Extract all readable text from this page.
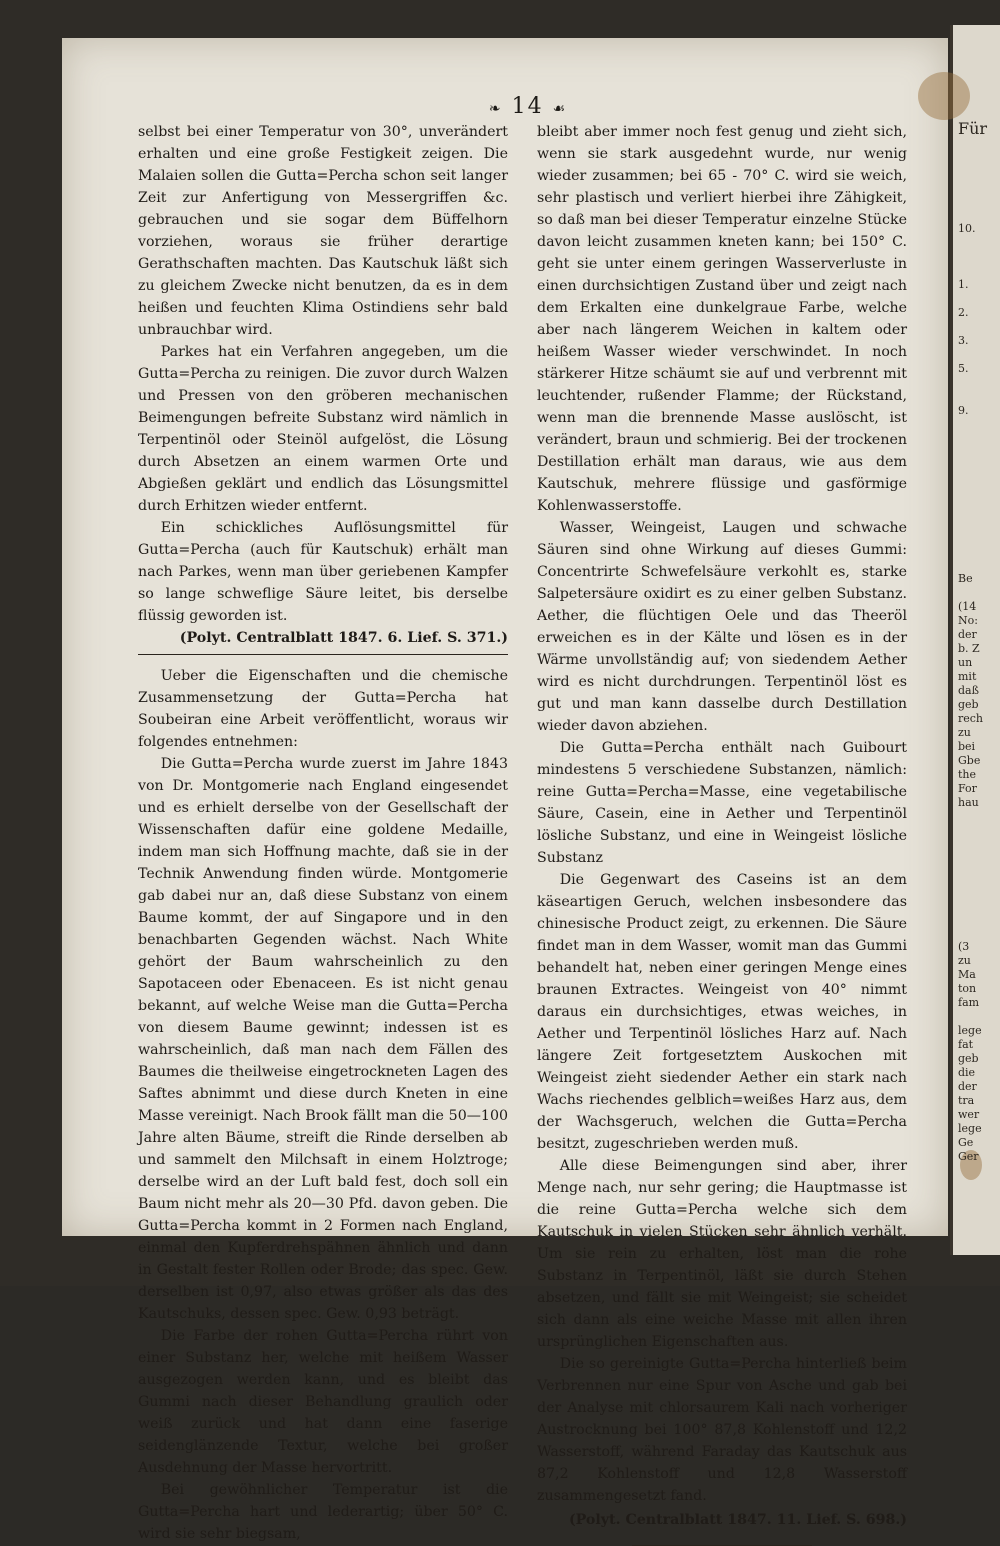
❧ 14 ☙

selbst bei einer Temperatur von 30°, unverändert erhalten und eine große Festigkeit zeigen. Die Malaien sollen die Gutta=Percha schon seit langer Zeit zur Anfertigung von Messergriffen &c. gebrauchen und sie sogar dem Büffelhorn vorziehen, woraus sie früher derartige Gerathschaften machten. Das Kautschuk läßt sich zu gleichem Zwecke nicht benutzen, da es in dem heißen und feuchten Klima Ostindiens sehr bald unbrauchbar wird.

Parkes hat ein Verfahren angegeben, um die Gutta=Percha zu reinigen. Die zuvor durch Walzen und Pressen von den gröberen mechanischen Beimengungen befreite Substanz wird nämlich in Terpentinöl oder Steinöl aufgelöst, die Lösung durch Absetzen an einem warmen Orte und Abgießen geklärt und endlich das Lösungsmittel durch Erhitzen wieder entfernt.

Ein schickliches Auflösungsmittel für Gutta=Percha (auch für Kautschuk) erhält man nach Parkes, wenn man über geriebenen Kampfer so lange schweflige Säure leitet, bis derselbe flüssig geworden ist.

(Polyt. Centralblatt 1847. 6. Lief. S. 371.)

Ueber die Eigenschaften und die chemische Zusammensetzung der Gutta=Percha hat Soubeiran eine Arbeit veröffentlicht, woraus wir folgendes entnehmen:

Die Gutta=Percha wurde zuerst im Jahre 1843 von Dr. Montgomerie nach England eingesendet und es erhielt derselbe von der Gesellschaft der Wissenschaften dafür eine goldene Medaille, indem man sich Hoffnung machte, daß sie in der Technik Anwendung finden würde. Montgomerie gab dabei nur an, daß diese Substanz von einem Baume kommt, der auf Singapore und in den benachbarten Gegenden wächst. Nach White gehört der Baum wahrscheinlich zu den Sapotaceen oder Ebenaceen. Es ist nicht genau bekannt, auf welche Weise man die Gutta=Percha von diesem Baume gewinnt; indessen ist es wahrscheinlich, daß man nach dem Fällen des Baumes die theilweise eingetrockneten Lagen des Saftes abnimmt und diese durch Kneten in eine Masse vereinigt. Nach Brook fällt man die 50—100 Jahre alten Bäume, streift die Rinde derselben ab und sammelt den Milchsaft in einem Holztroge; derselbe wird an der Luft bald fest, doch soll ein Baum nicht mehr als 20—30 Pfd. davon geben. Die Gutta=Percha kommt in 2 Formen nach England, einmal den Kupferdrehspähnen ähnlich und dann in Gestalt fester Rollen oder Brode; das spec. Gew. derselben ist 0,97, also etwas größer als das des Kautschuks, dessen spec. Gew. 0,93 beträgt.

Die Farbe der rohen Gutta=Percha rührt von einer Substanz her, welche mit heißem Wasser ausgezogen werden kann, und es bleibt das Gummi nach dieser Behandlung graulich oder weiß zurück und hat dann eine faserige seidenglänzende Textur, welche bei großer Ausdehnung der Masse hervortritt.

Bei gewöhnlicher Temperatur ist die Gutta=Percha hart und lederartig; über 50° C. wird sie sehr biegsam,

bleibt aber immer noch fest genug und zieht sich, wenn sie stark ausgedehnt wurde, nur wenig wieder zusammen; bei 65 - 70° C. wird sie weich, sehr plastisch und verliert hierbei ihre Zähigkeit, so daß man bei dieser Temperatur einzelne Stücke davon leicht zusammen kneten kann; bei 150° C. geht sie unter einem geringen Wasserverluste in einen durchsichtigen Zustand über und zeigt nach dem Erkalten eine dunkelgraue Farbe, welche aber nach längerem Weichen in kaltem oder heißem Wasser wieder verschwindet. In noch stärkerer Hitze schäumt sie auf und verbrennt mit leuchtender, rußender Flamme; der Rückstand, wenn man die brennende Masse auslöscht, ist verändert, braun und schmierig. Bei der trockenen Destillation erhält man daraus, wie aus dem Kautschuk, mehrere flüssige und gasförmige Kohlenwasserstoffe.

Wasser, Weingeist, Laugen und schwache Säuren sind ohne Wirkung auf dieses Gummi: Concentrirte Schwefelsäure verkohlt es, starke Salpetersäure oxidirt es zu einer gelben Substanz. Aether, die flüchtigen Oele und das Theeröl erweichen es in der Kälte und lösen es in der Wärme unvollständig auf; von siedendem Aether wird es nicht durchdrungen. Terpentinöl löst es gut und man kann dasselbe durch Destillation wieder davon abziehen.

Die Gutta=Percha enthält nach Guibourt mindestens 5 verschiedene Substanzen, nämlich: reine Gutta=Percha=Masse, eine vegetabilische Säure, Casein, eine in Aether und Terpentinöl lösliche Substanz, und eine in Weingeist lösliche Substanz

Die Gegenwart des Caseins ist an dem käseartigen Geruch, welchen insbesondere das chinesische Product zeigt, zu erkennen. Die Säure findet man in dem Wasser, womit man das Gummi behandelt hat, neben einer geringen Menge eines braunen Extractes. Weingeist von 40° nimmt daraus ein durchsichtiges, etwas weiches, in Aether und Terpentinöl lösliches Harz auf. Nach längere Zeit fortgesetztem Auskochen mit Weingeist zieht siedender Aether ein stark nach Wachs riechendes gelblich=weißes Harz aus, dem der Wachsgeruch, welchen die Gutta=Percha besitzt, zugeschrieben werden muß.

Alle diese Beimengungen sind aber, ihrer Menge nach, nur sehr gering; die Hauptmasse ist die reine Gutta=Percha welche sich dem Kautschuk in vielen Stücken sehr ähnlich verhält. Um sie rein zu erhalten, löst man die rohe Substanz in Terpentinöl, läßt sie durch Stehen absetzen, und fällt sie mit Weingeist; sie scheidet sich dann als eine weiche Masse mit allen ihren ursprünglichen Eigenschaften aus.

Die so gereinigte Gutta=Percha hinterließ beim Verbrennen nur eine Spur von Asche und gab bei der Analyse mit chlorsaurem Kali nach vorheriger Austrocknung bei 100° 87,8 Kohlenstoff und 12,2 Wasserstoff, während Faraday das Kautschuk aus 87,2 Kohlenstoff und 12,8 Wasserstoff zusammengesetzt fand.

(Polyt. Centralblatt 1847. 11. Lief. S. 698.)

Für
10.

1.

2.

3.

5.

9.
Be

(14
No:
der
b. Z
un
mit
daß
geb
rech
zu
bei
Gbe
the
For
hau
(3
zu
Ma
ton
fam

lege
fat
geb
die
der
tra
wer
lege
Ge
Ger
